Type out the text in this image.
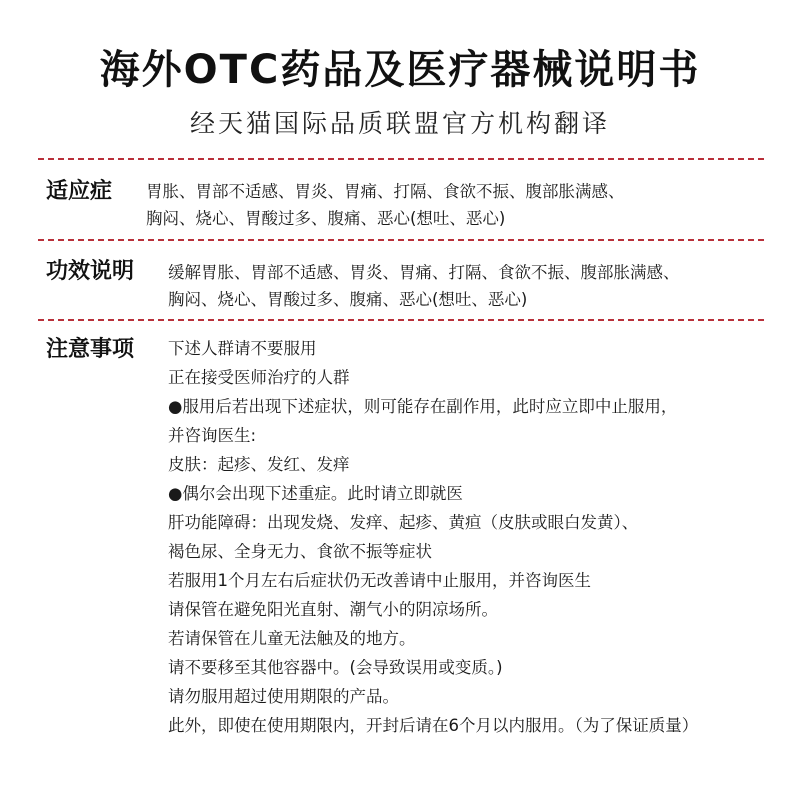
海外OTC药品及医疗器械说明书
经天猫国际品质联盟官方机构翻译
适应症 胃胀、胃部不适感、胃炎、胃痛、打隔、食欲不振、腹部胀满感、
胸闷、烧心、胃酸过多、腹痛、恶心(想吐、恶心)
功效说明 缓解胃胀、胃部不适感、胃炎、胃痛、打隔、食欲不振、腹部胀满感、
胸闷、烧心、胃酸过多、腹痛、恶心(想吐、恶心)
注意事项 下述人群请不要服用
正在接受医师治疗的人群
●服用后若出现下述症状，则可能存在副作用，此时应立即中止服用，
并咨询医生:
皮肤：起疹、发红、发痒
●偶尔会出现下述重症。此时请立即就医
肝功能障碍：出现发烧、发痒、起疹、黄疸（皮肤或眼白发黄）、
褐色尿、全身无力、食欲不振等症状
若服用1个月左右后症状仍无改善请中止服用，并咨询医生
请保管在避免阳光直射、潮气小的阴凉场所。
若请保管在儿童无法触及的地方。
请不要移至其他容器中。(会导致误用或变质。)
请勿服用超过使用期限的产品。
此外，即使在使用期限内，开封后请在6个月以内服用。（为了保证质量）
